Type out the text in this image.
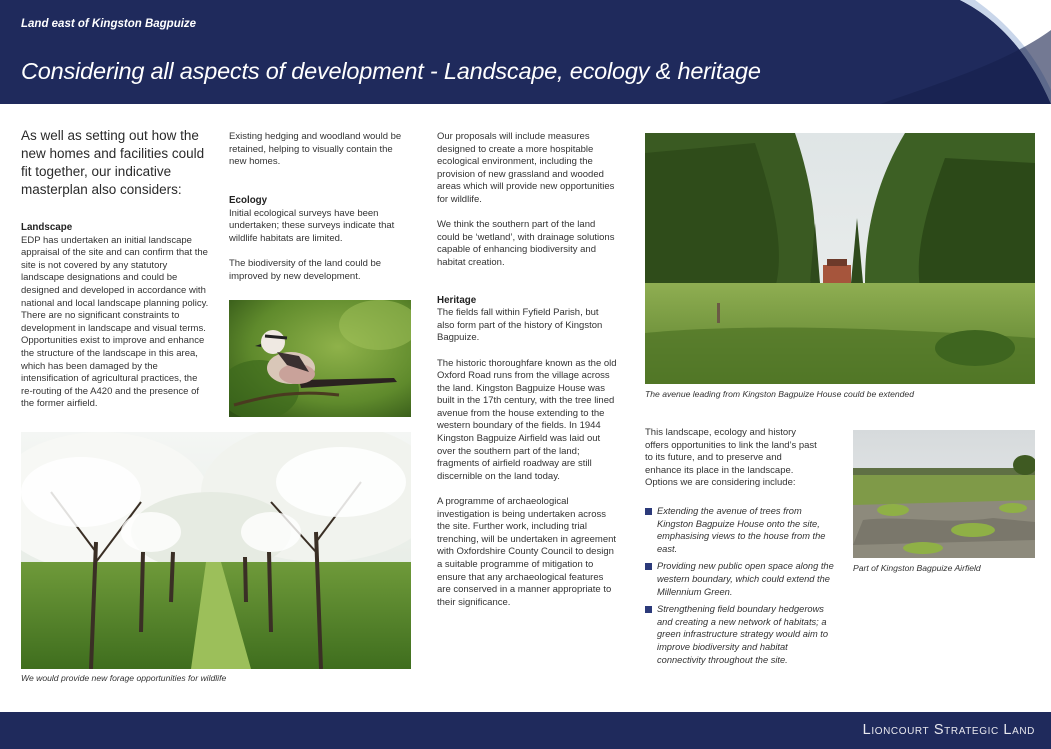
Land east of Kingston Bagpuize
Considering all aspects of development - Landscape, ecology & heritage
As well as setting out how the new homes and facilities could fit together, our indicative masterplan also considers:
Landscape

EDP has undertaken an initial landscape appraisal of the site and can confirm that the site is not covered by any statutory landscape designations and could be designed and developed in accordance with national and local landscape planning policy. There are no significant constraints to development in landscape and visual terms. Opportunities exist to improve and enhance the structure of the landscape in this area, which has been damaged by the intensification of agricultural practices, the re-routing of the A420 and the presence of the former airfield.

Existing hedging and woodland would be retained, helping to visually contain the new homes.

Ecology

Initial ecological surveys have been undertaken; these surveys indicate that wildlife habitats are limited.

The biodiversity of the land could be improved by new development.

Our proposals will include measures designed to create a more hospitable ecological environment, including the provision of new grassland and wooded areas which will provide new opportunities for wildlife.

We think the southern part of the land could be ‘wetland’, with drainage solutions capable of enhancing biodiversity and habitat creation.

Heritage

The fields fall within Fyfield Parish, but also form part of the history of Kingston Bagpuize.

The historic thoroughfare known as the old Oxford Road runs from the village across the land. Kingston Bagpuize House was built in the 17th century, with the tree lined avenue from the house extending to the western boundary of the fields. In 1944 Kingston Bagpuize Airfield was laid out over the southern part of the land; fragments of airfield roadway are still discernible on the land today.

A programme of archaeological investigation is being undertaken across the site. Further work, including trial trenching, will be undertaken in agreement with Oxfordshire County Council to design a suitable programme of mitigation to ensure that any archaeological features are conserved in a manner appropriate to their significance.

We would provide new forage opportunities for wildlife
The avenue leading from Kingston Bagpuize House could be extended
This landscape, ecology and history offers opportunities to link the land’s past to its future, and to preserve and enhance its place in the landscape. Options we are considering include:
Extending the avenue of trees from Kingston Bagpuize House onto the site, emphasising views to the house from the east.
Providing new public open space along the western boundary, which could extend the Millennium Green.
Strengthening field boundary hedgerows and creating a new network of habitats; a green infrastructure strategy would aim to improve biodiversity and habitat connectivity throughout the site.
Part of Kingston Bagpuize Airfield
Lioncourt Strategic Land
